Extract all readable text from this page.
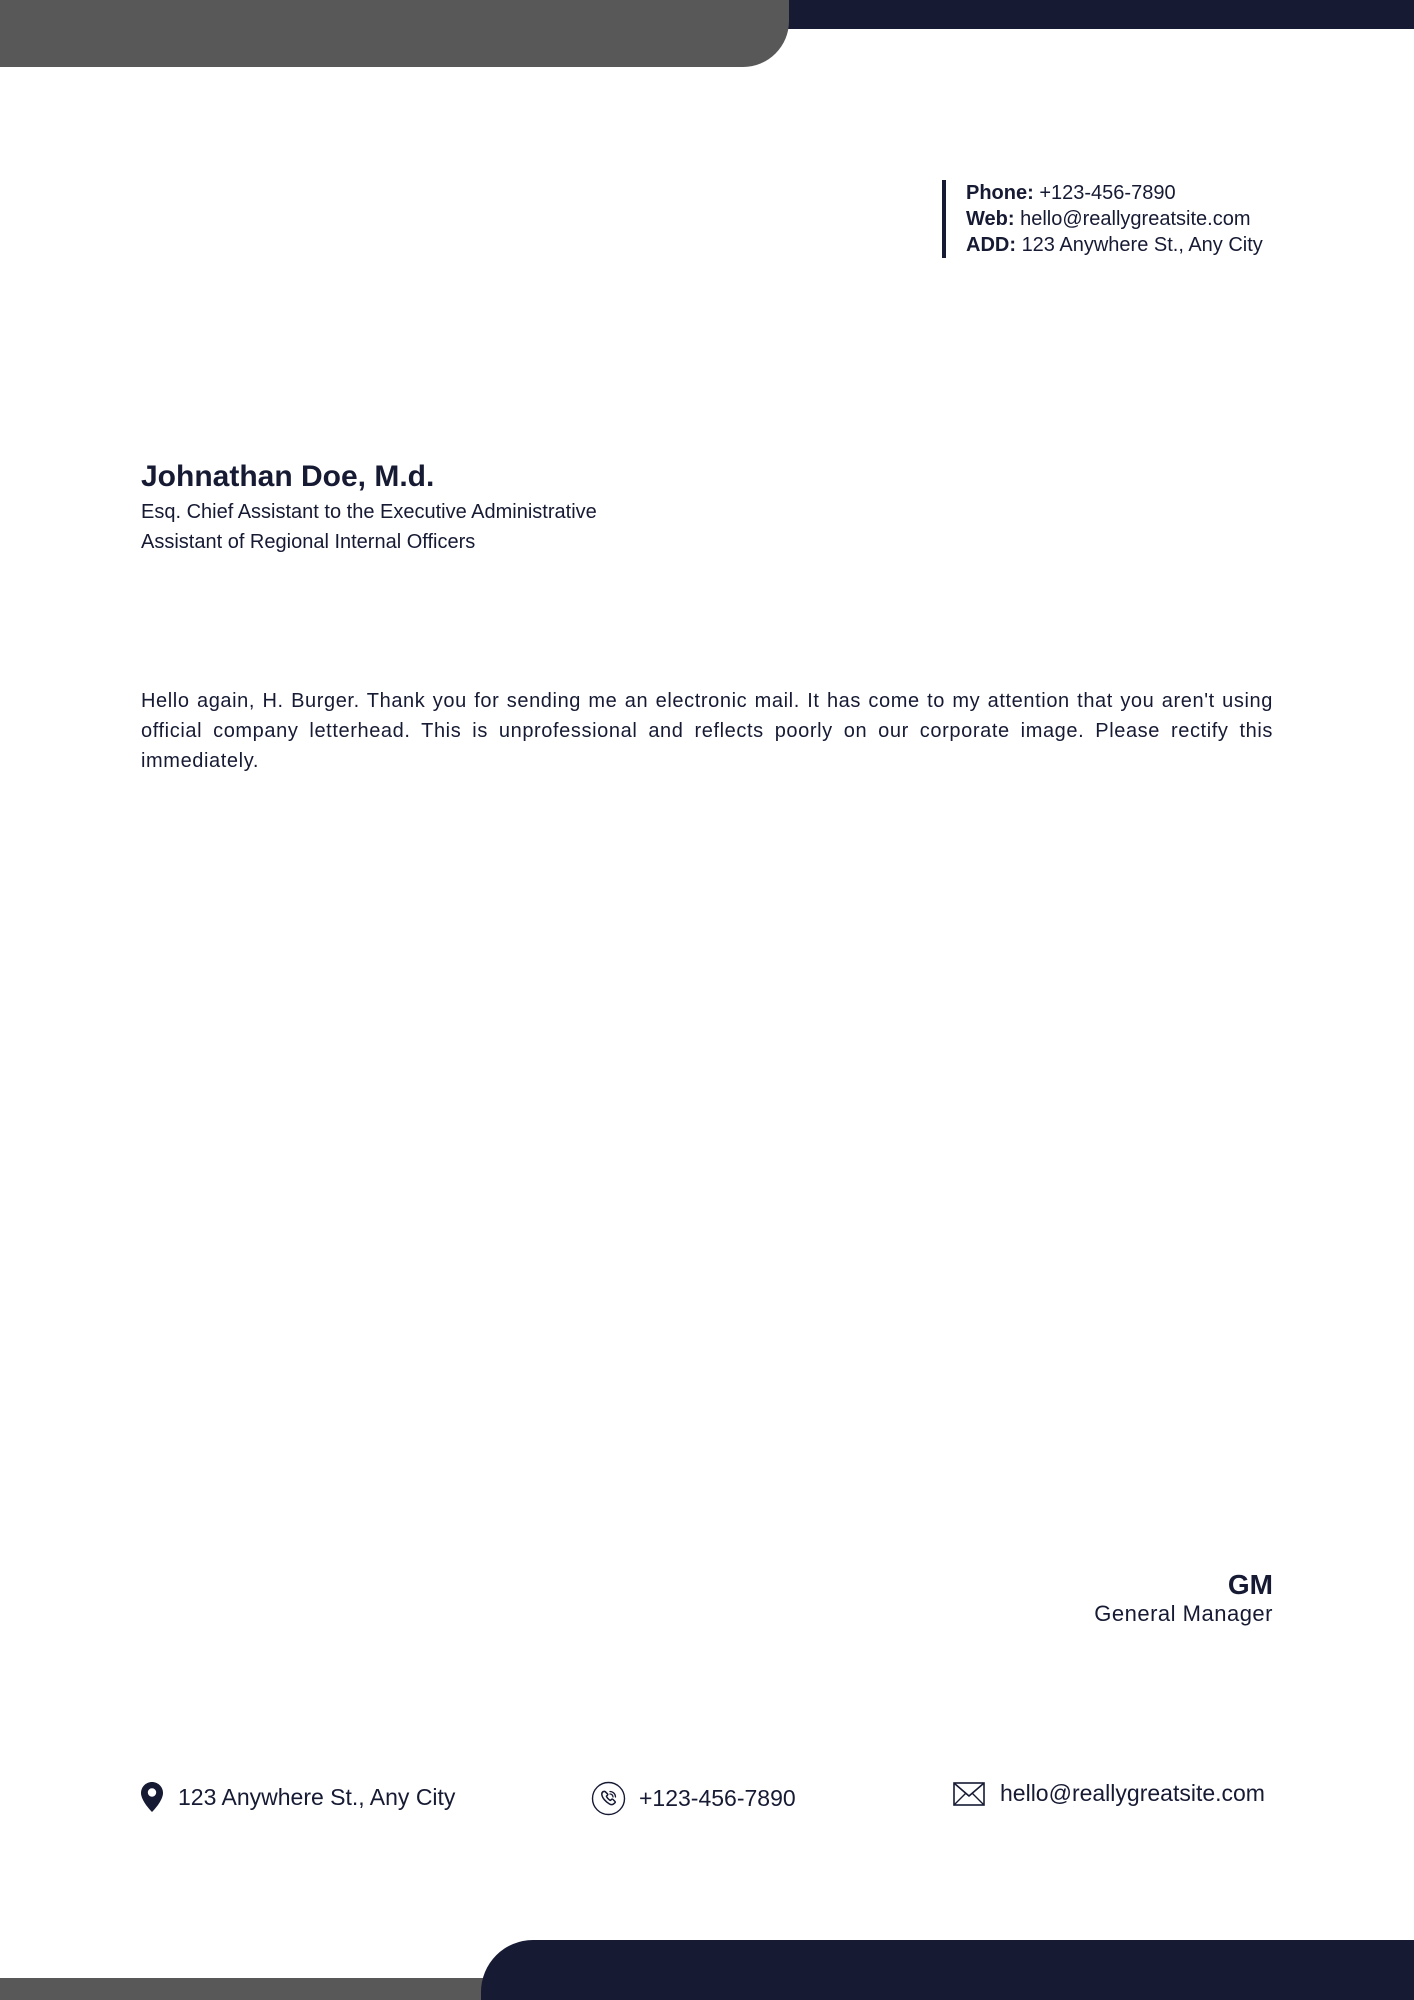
Phone: +123-456-7890
Web: hello@reallygreatsite.com
ADD: 123 Anywhere St., Any City
Johnathan Doe, M.d.
Esq. Chief Assistant to the Executive Administrative
Assistant of Regional Internal Officers
Hello again, H. Burger. Thank you for sending me an electronic mail. It has come to my attention that you aren't using official company letterhead. This is unprofessional and reflects poorly on our corporate image. Please rectify this immediately.
GM
General Manager
123 Anywhere St., Any City	+123-456-7890	hello@reallygreatsite.com
